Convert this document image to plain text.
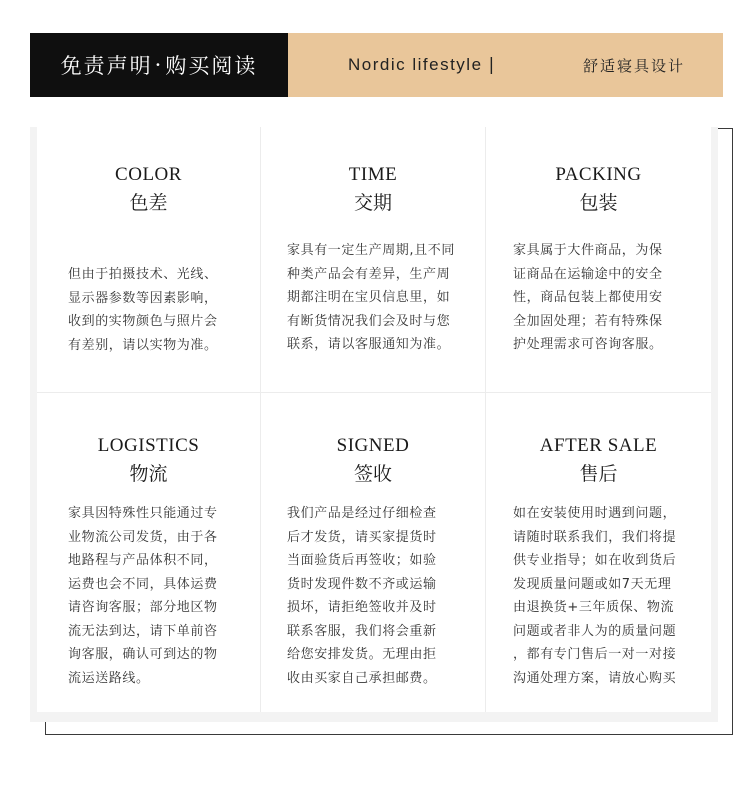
免责声明 · 购买阅读	Nordic lifestyle |	舒适寝具设计
COLOR
色差
但由于拍摄技术、光线、
显示器参数等因素影响，
收到的实物颜色与照片会
有差别，请以实物为准。
TIME
交期
家具有一定生产周期,且不同
种类产品会有差异，生产周
期都注明在宝贝信息里，如
有断货情况我们会及时与您
联系，请以客服通知为准。
PACKING
包装
家具属于大件商品，为保
证商品在运输途中的安全
性，商品包装上都使用安
全加固处理；若有特殊保
护处理需求可咨询客服。
LOGISTICS
物流
家具因特殊性只能通过专
业物流公司发货，由于各
地路程与产品体积不同，
运费也会不同，具体运费
请咨询客服；部分地区物
流无法到达，请下单前咨
询客服，确认可到达的物
流运送路线。
SIGNED
签收
我们产品是经过仔细检查
后才发货，请买家提货时
当面验货后再签收；如验
货时发现件数不齐或运输
损坏，请拒绝签收并及时
联系客服，我们将会重新
给您安排发货。无理由拒
收由买家自己承担邮费。
AFTER SALE
售后
如在安装使用时遇到问题，
请随时联系我们，我们将提
供专业指导；如在收到货后
发现质量问题或如7天无理
由退换货+三年质保、物流
问题或者非人为的质量问题
，都有专门售后一对一对接
沟通处理方案，请放心购买
